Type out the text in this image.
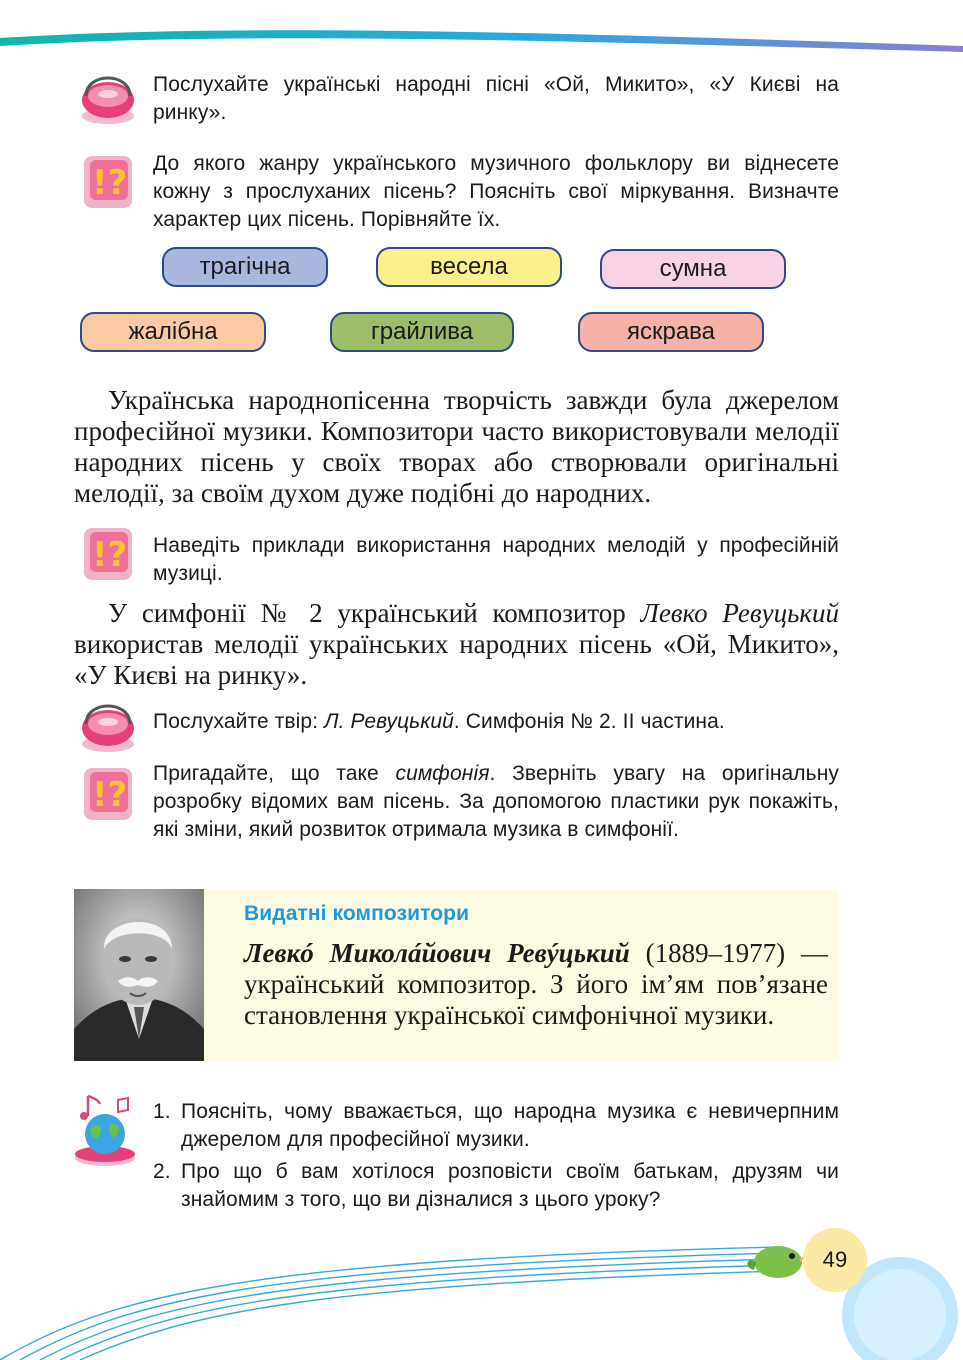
Послухайте українські народні пісні «Ой, Микито», «У Києві на ринку».
!? До якого жанру українського музичного фольклору ви віднесете кожну з прослуханих пісень? Поясніть свої міркування. Визначте характер цих пісень. Порівняйте їх.
трагічна	весела	сумна
жалібна	грайлива	яскрава
Українська народнопісенна творчість завжди була джерелом професійної музики. Композитори часто використовували мелодії народних пісень у своїх творах або створювали оригінальні мелодії, за своїм духом дуже подібні до народних.
!? Наведіть приклади використання народних мелодій у професійній музиці.
У симфонії № 2 український композитор Левко Ревуцький використав мелодії українських народних пісень «Ой, Микито», «У Києві на ринку».
Послухайте твір: Л. Ревуцький. Симфонія № 2. ІІ частина.
!?
Пригадайте, що таке симфонія. Зверніть увагу на оригінальну розробку відомих вам пісень. За допомогою пластики рук покажіть, які зміни, який розвиток отримала музика в симфонії.
Видатні композитори
Левкó Миколáйович Ревýцький (1889–1977) — український композитор. З його ім’ям пов’язане становлення української симфонічної музики.
1. Поясніть, чому вважається, що народна музика є невичерпним джерелом для професійної музики.
2. Про що б вам хотілося розповісти своїм батькам, друзям чи знайомим з того, що ви дізналися з цього уроку?
49
